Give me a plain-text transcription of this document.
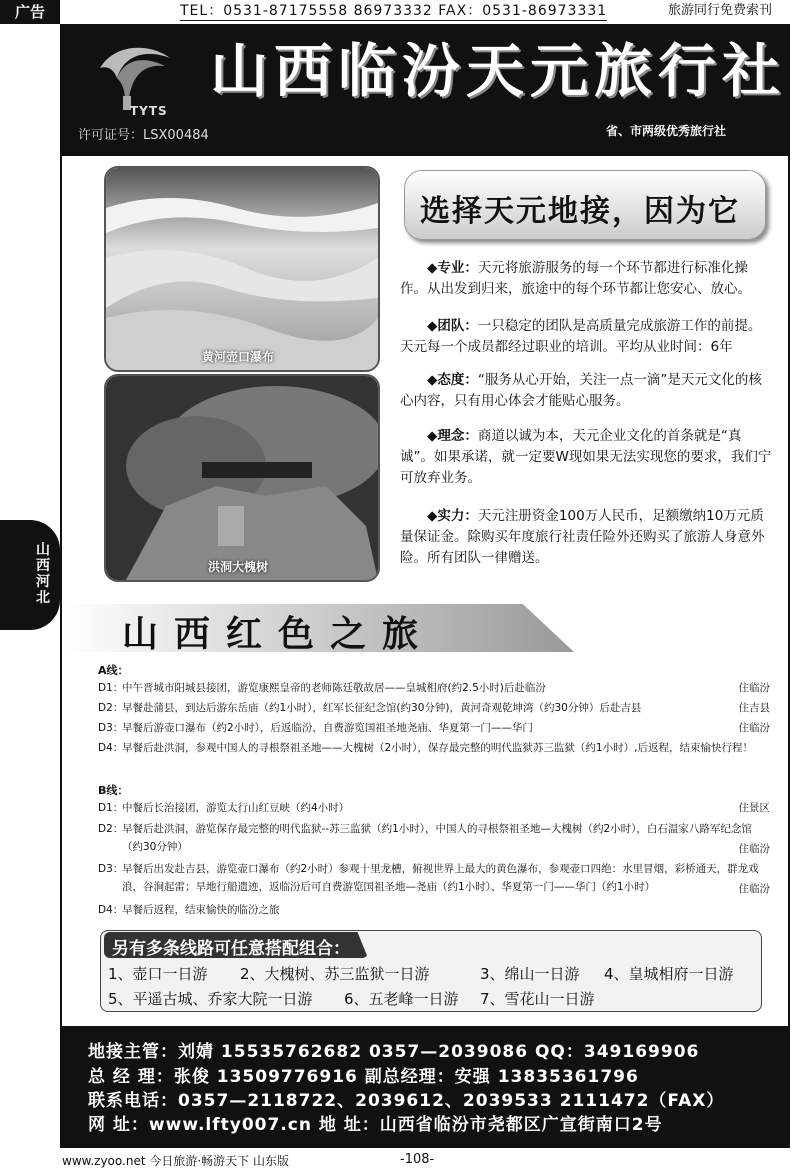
广告	TEL：0531-87175558 86973332 FAX：0531-86973331	旅游同行免费索刊
TYTS
山西临汾天元旅行社
许可证号：LSX00484	省、市两级优秀旅行社
山西河北
黄河壶口瀑布
洪洞大槐树
选择天元地接，因为它
◆专业：天元将旅游服务的每一个环节都进行标准化操作。从出发到归来，旅途中的每个环节都让您安心、放心。
◆团队：一只稳定的团队是高质量完成旅游工作的前提。天元每一个成员都经过职业的培训。平均从业时间：6年
◆态度：“服务从心开始，关注一点一滴”是天元文化的核心内容，只有用心体会才能贴心服务。
◆理念：商道以诚为本，天元企业文化的首条就是“真诚”。如果承诺，就一定要W现如果无法实现您的要求，我们宁可放弃业务。
◆实力：天元注册资金100万人民币，足额缴纳10万元质量保证金。除购买年度旅行社责任险外还购买了旅游人身意外险。所有团队一律赠送。
山西红色之旅
A线：
D1：
中午晋城市阳城县接团，游览康熙皇帝的老师陈廷敬故居——皇城相府(约2.5小时)后赴临汾	住临汾
D2：
早餐赴蒲县，到达后游东岳庙（约1小时），红军长征纪念馆(约30分钟)，黄河奇观乾坤湾（约30分钟）后赴吉县	住吉县
D3：
早餐后游壶口瀑布（约2小时），后返临汾，自费游览国祖圣地尧庙、华夏第一门——华门	住临汾
D4：
早餐后赴洪洞，参观中国人的寻根祭祖圣地——大槐树（2小时），保存最完整的明代监狱苏三监狱（约1小时）,后返程，结束愉快行程！
B线：
D1：
中餐后长治接团，游览太行山红豆峡（约4小时）	住景区
D2：
早餐后赴洪洞，游览保存最完整的明代监狱--苏三监狱（约1小时），中国人的寻根祭祖圣地—大槐树（约2小时），白石温家八路军纪念馆（约30分钟）	住临汾
D3：
早餐后出发赴吉县，游览壶口瀑布（约2小时）参观十里龙槽，俯视世界上最大的黄色瀑布，参观壶口四绝：水里冒烟，彩桥通天，群龙戏浪，谷涧起雷；旱地行船遗迹，返临汾后可自费游览国祖圣地—尧庙（约1小时）、华夏第一门——华门（约1小时）	住临汾
D4：
早餐后返程，结束愉快的临汾之旅
另有多条线路可任意搭配组合：
1、壶口一日游 2、大槐树、苏三监狱一日游	3、绵山一日游 4、皇城相府一日游
5、平遥古城、乔家大院一日游 6、五老峰一日游 7、雪花山一日游
地接主管：刘婧 15535762682 0357—2039086 QQ：349169906
总 经 理：张俊 13509776916 副总经理：安强 13835361796
联系电话：0357—2118722、2039612、2039533 2111472（FAX）
网 址：www.lfty007.cn 地 址：山西省临汾市尧都区广宣街南口2号
www.zyoo.net 今日旅游·畅游天下 山东版	-108-
